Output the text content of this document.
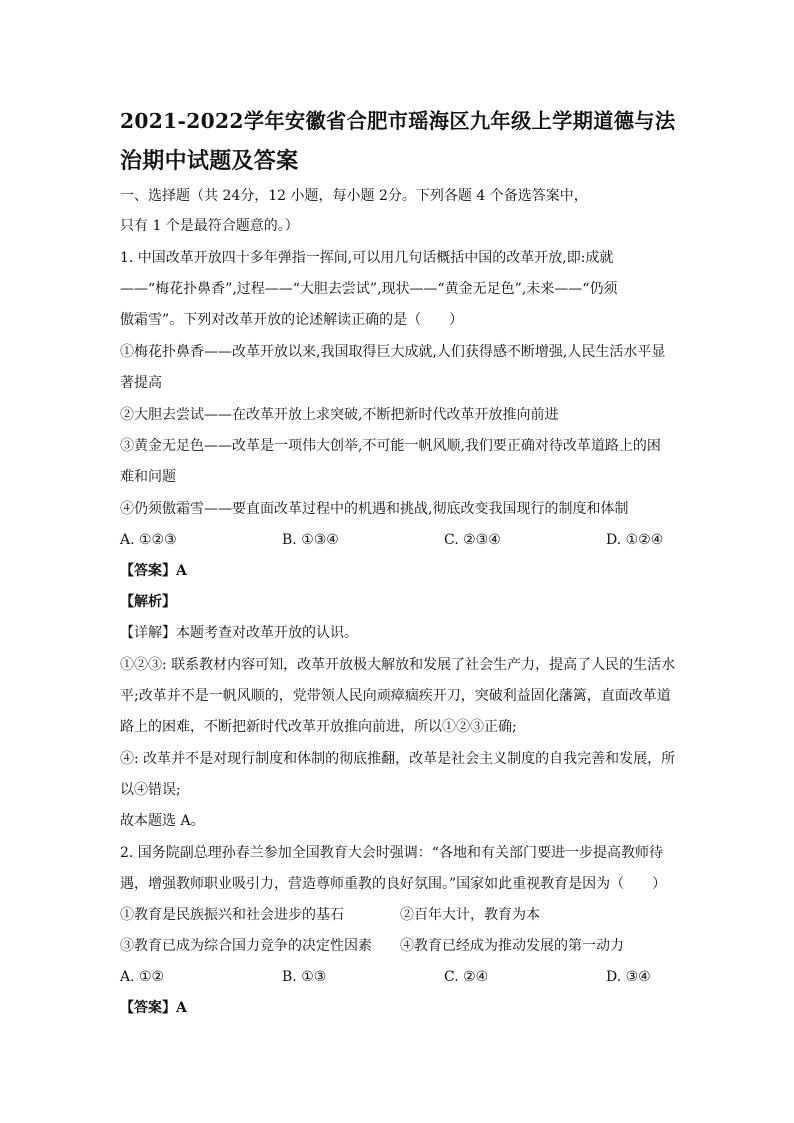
2021-2022学年安徽省合肥市瑶海区九年级上学期道德与法
治期中试题及答案
一、选择题（共 24分，12 小题，每小题 2分。下列各题 4 个备选答案中，
只有 1 个是最符合题意的。）
1. 中国改革开放四十多年弹指一挥间,可以用几句话概括中国的改革开放,即:成就
——“梅花扑鼻香”,过程——“大胆去尝试”,现状——“黄金无足色”,未来——“仍须
傲霜雪”。下列对改革开放的论述解读正确的是（　　）
①梅花扑鼻香——改革开放以来,我国取得巨大成就,人们获得感不断增强,人民生活水平显
著提高
②大胆去尝试——在改革开放上求突破,不断把新时代改革开放推向前进
③黄金无足色——改革是一项伟大创举,不可能一帆风顺,我们要正确对待改革道路上的困
难和问题
④仍须傲霜雪——要直面改革过程中的机遇和挑战,彻底改变我国现行的制度和体制
A. ①②③	B. ①③④	C. ②③④	D. ①②④
【答案】A
【解析】
【详解】本题考查对改革开放的认识。
①②③: 联系教材内容可知，改革开放极大解放和发展了社会生产力，提高了人民的生活水
平;改革并不是一帆风顺的，党带领人民向顽瘴痼疾开刀，突破利益固化藩篱，直面改革道
路上的困难，不断把新时代改革开放推向前进，所以①②③正确;
④: 改革并不是对现行制度和体制的彻底推翻，改革是社会主义制度的自我完善和发展，所
以④错误;
故本题选 A。
2. 国务院副总理孙春兰参加全国教育大会时强调：“各地和有关部门要进一步提高教师待
遇，增强教师职业吸引力，营造尊师重教的良好氛围。”国家如此重视教育是因为（　　）
①教育是民族振兴和社会进步的基石	②百年大计，教育为本
③教育已成为综合国力竞争的决定性因素 ④教育已经成为推动发展的第一动力
A. ①②	B. ①③	C. ②④	D. ③④
【答案】A
